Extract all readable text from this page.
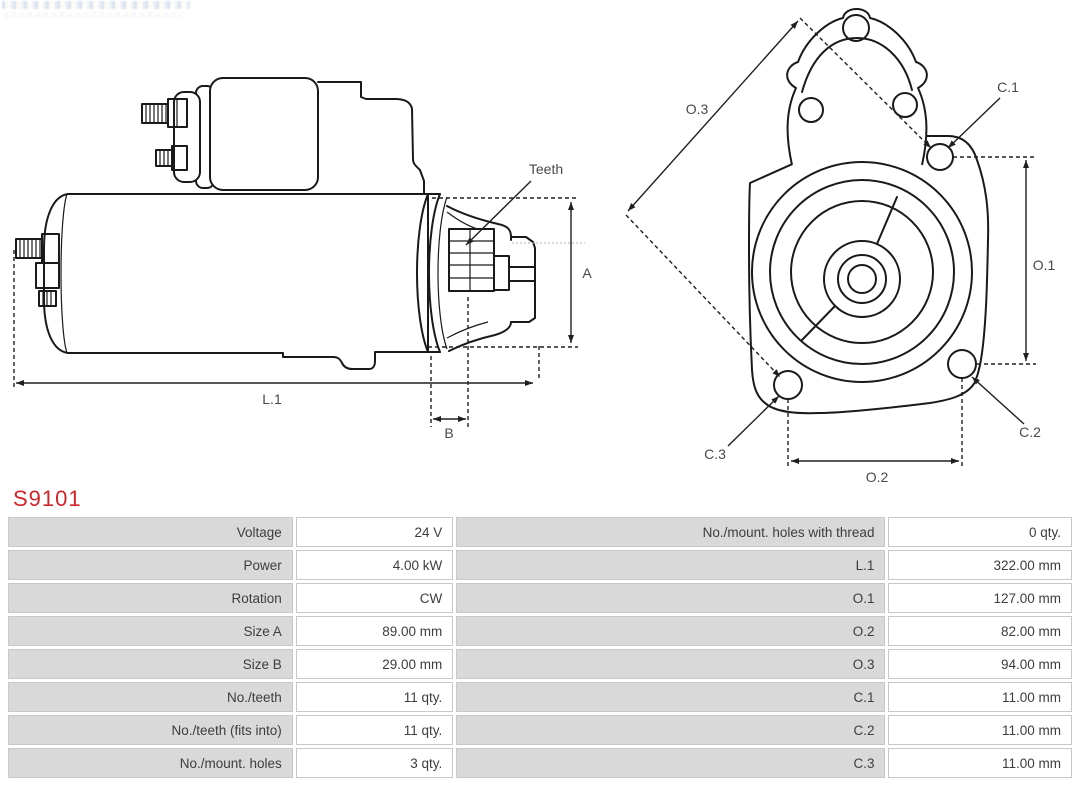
Teeth
A
L.1
B
O.3
C.1
O.1
C.2
C.3
O.2
S9101
Voltage	24 V	No./mount. holes with thread	0 qty.
Power	4.00 kW	L.1	322.00 mm
Rotation	CW	O.1	127.00 mm
Size A	89.00 mm	O.2	82.00 mm
Size B	29.00 mm	O.3	94.00 mm
No./teeth	11 qty.	C.1	11.00 mm
No./teeth (fits into)	11 qty.	C.2	11.00 mm
No./mount. holes	3 qty.	C.3	11.00 mm
